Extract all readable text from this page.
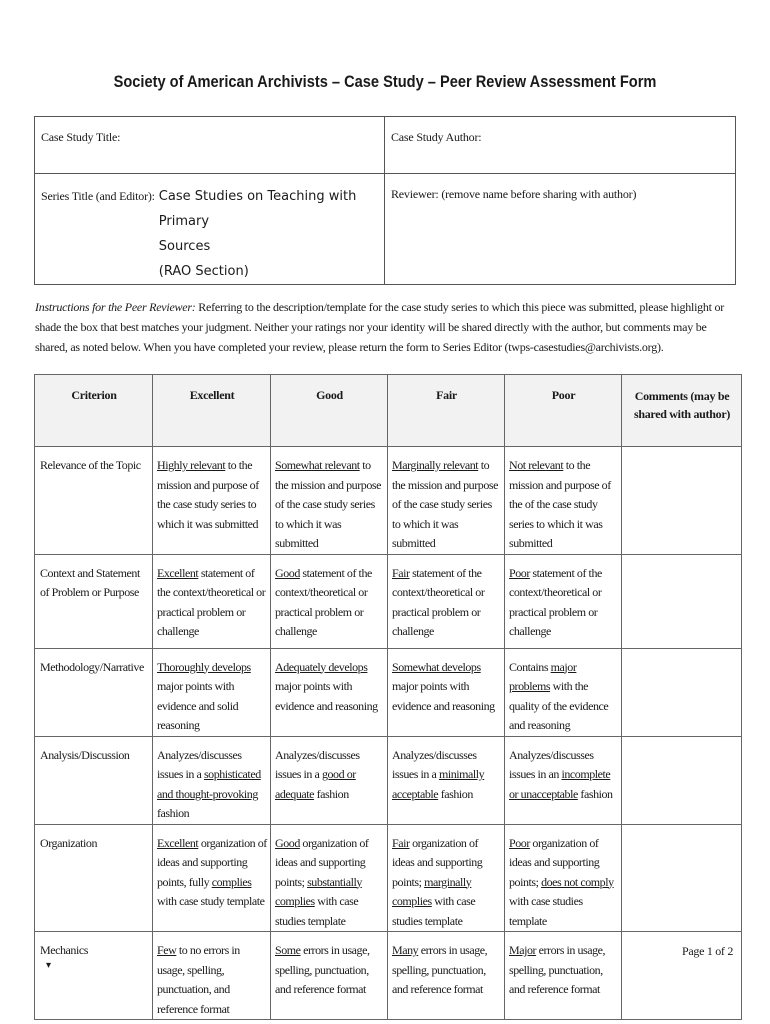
Society of American Archivists – Case Study – Peer Review Assessment Form
Case Study Title:	Case Study Author:

Series Title (and Editor): Case Studies on Teaching with Primary
Sources
(RAO Section)	Reviewer: (remove name before sharing with author)
Instructions for the Peer Reviewer: Referring to the description/template for the case study series to which this piece was submitted, please highlight or shade the box that best matches your judgment. Neither your ratings nor your identity will be shared directly with the author, but comments may be shared, as noted below. When you have completed your review, please return the form to Series Editor (twps-casestudies@archivists.org).
Criterion	Excellent	Good	Fair	Poor	Comments (may be shared with author)
Relevance of the Topic	Highly relevant to the mission and purpose of the case study series to which it was submitted	Somewhat relevant to the mission and purpose of the case study series to which it was submitted	Marginally relevant to the mission and purpose of the case study series to which it was submitted	Not relevant to the mission and purpose of the of the case study series to which it was submitted	
Context and Statement of Problem or Purpose	Excellent statement of the context/theoretical or practical problem or challenge	Good statement of the context/theoretical or practical problem or challenge	Fair statement of the context/theoretical or practical problem or challenge	Poor statement of the context/theoretical or practical problem or challenge	
Methodology/Narrative	Thoroughly develops major points with evidence and solid reasoning	Adequately develops major points with evidence and reasoning	Somewhat develops major points with evidence and reasoning	Contains major problems with the quality of the evidence and reasoning	
Analysis/Discussion	Analyzes/discusses issues in a sophisticated and thought-provoking fashion	Analyzes/discusses issues in a good or adequate fashion	Analyzes/discusses issues in a minimally acceptable fashion	Analyzes/discusses issues in an incomplete or unacceptable fashion	
Organization	Excellent organization of ideas and supporting points, fully complies with case study template	Good organization of ideas and supporting points; substantially complies with case studies template	Fair organization of ideas and supporting points; marginally complies with case studies template	Poor organization of ideas and supporting points; does not comply with case studies template	
Mechanics	Few to no errors in usage, spelling, punctuation, and reference format	Some errors in usage, spelling, punctuation, and reference format	Many errors in usage, spelling, punctuation, and reference format	Major errors in usage, spelling, punctuation, and reference format	
Page 1 of 2
▾
